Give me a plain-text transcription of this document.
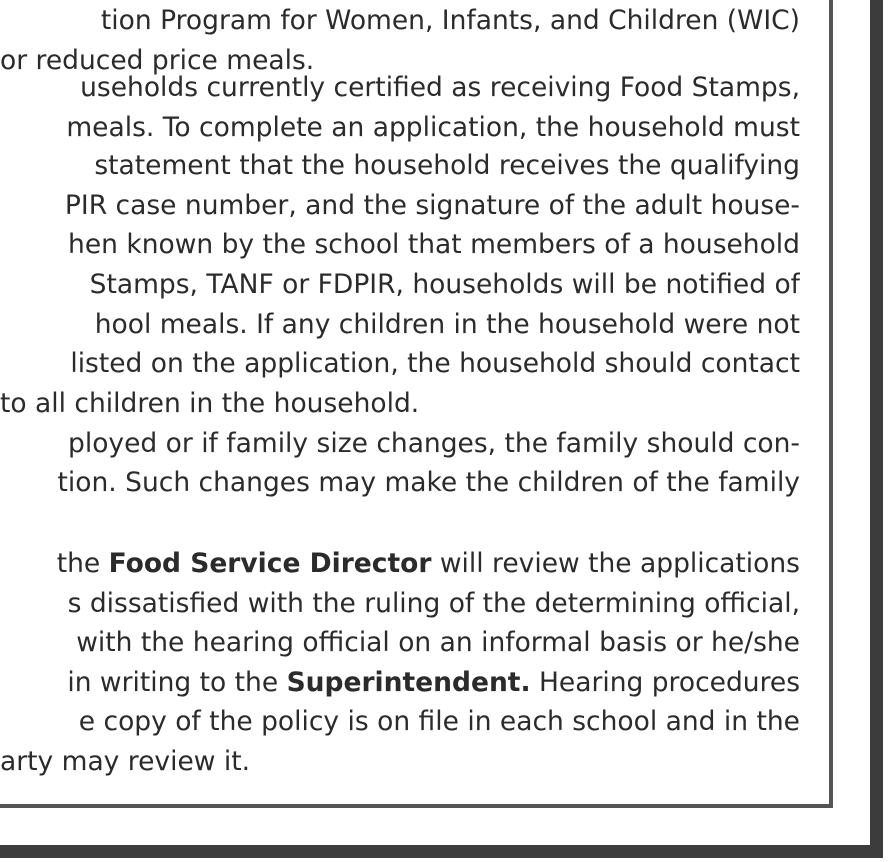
tion Program for Women, Infants, and Children (WIC)
or reduced price meals.
useholds currently certified as receiving Food Stamps,
meals. To complete an application, the household must
statement that the household receives the qualifying
PIR case number, and the signature of the adult house-
hen known by the school that members of a household
Stamps, TANF or FDPIR, households will be notified of
hool meals. If any children in the household were not
listed on the application, the household should contact
to all children in the household.
ployed or if family size changes, the family should con-
tion. Such changes may make the children of the family
the Food Service Director will review the applications
s dissatisfied with the ruling of the determining official,
with the hearing official on an informal basis or he/she
in writing to the Superintendent. Hearing procedures
e copy of the policy is on file in each school and in the
arty may review it.
